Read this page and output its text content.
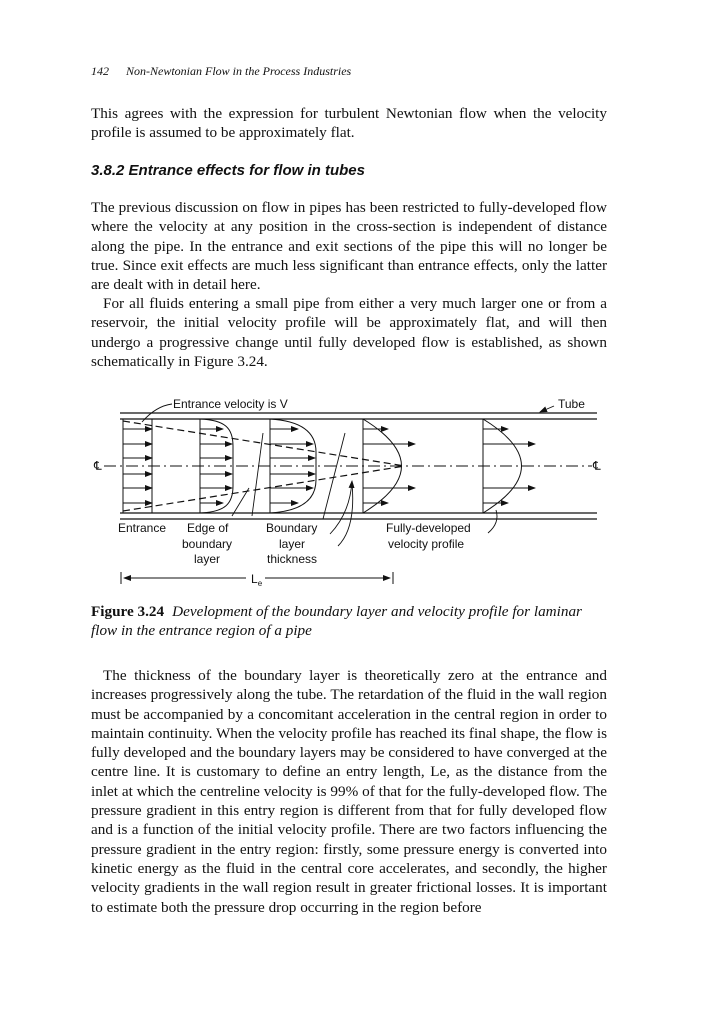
142 Non-Newtonian Flow in the Process Industries

This agrees with the expression for turbulent Newtonian flow when the velocity profile is assumed to be approximately flat.

3.8.2 Entrance effects for flow in tubes

The previous discussion on flow in pipes has been restricted to fully-developed flow where the velocity at any position in the cross-section is independent of distance along the pipe. In the entrance and exit sections of the pipe this will no longer be true. Since exit effects are much less significant than entrance effects, only the latter are dealt with in detail here.

For all fluids entering a small pipe from either a very much larger one or from a reservoir, the initial velocity profile will be approximately flat, and will then undergo a progressive change until fully developed flow is established, as shown schematically in Figure 3.24.

℄	℄
Entrance velocity is V	Tube
Entrance Edge of
boundary
layer
Boundary
layer
thickness
Fully-developed
velocity profile
$L_e$
Figure 3.24 Development of the boundary layer and velocity profile for laminar flow in the entrance region of a pipe

The thickness of the boundary layer is theoretically zero at the entrance and increases progressively along the tube. The retardation of the fluid in the wall region must be accompanied by a concomitant acceleration in the central region in order to maintain continuity. When the velocity profile has reached its final shape, the flow is fully developed and the boundary layers may be considered to have converged at the centre line. It is customary to define an entry length, Le, as the distance from the inlet at which the centreline velocity is 99% of that for the fully-developed flow. The pressure gradient in this entry region is different from that for fully developed flow and is a function of the initial velocity profile. There are two factors influencing the pressure gradient in the entry region: firstly, some pressure energy is converted into kinetic energy as the fluid in the central core accelerates, and secondly, the higher velocity gradients in the wall region result in greater frictional losses. It is important to estimate both the pressure drop occurring in the region before
